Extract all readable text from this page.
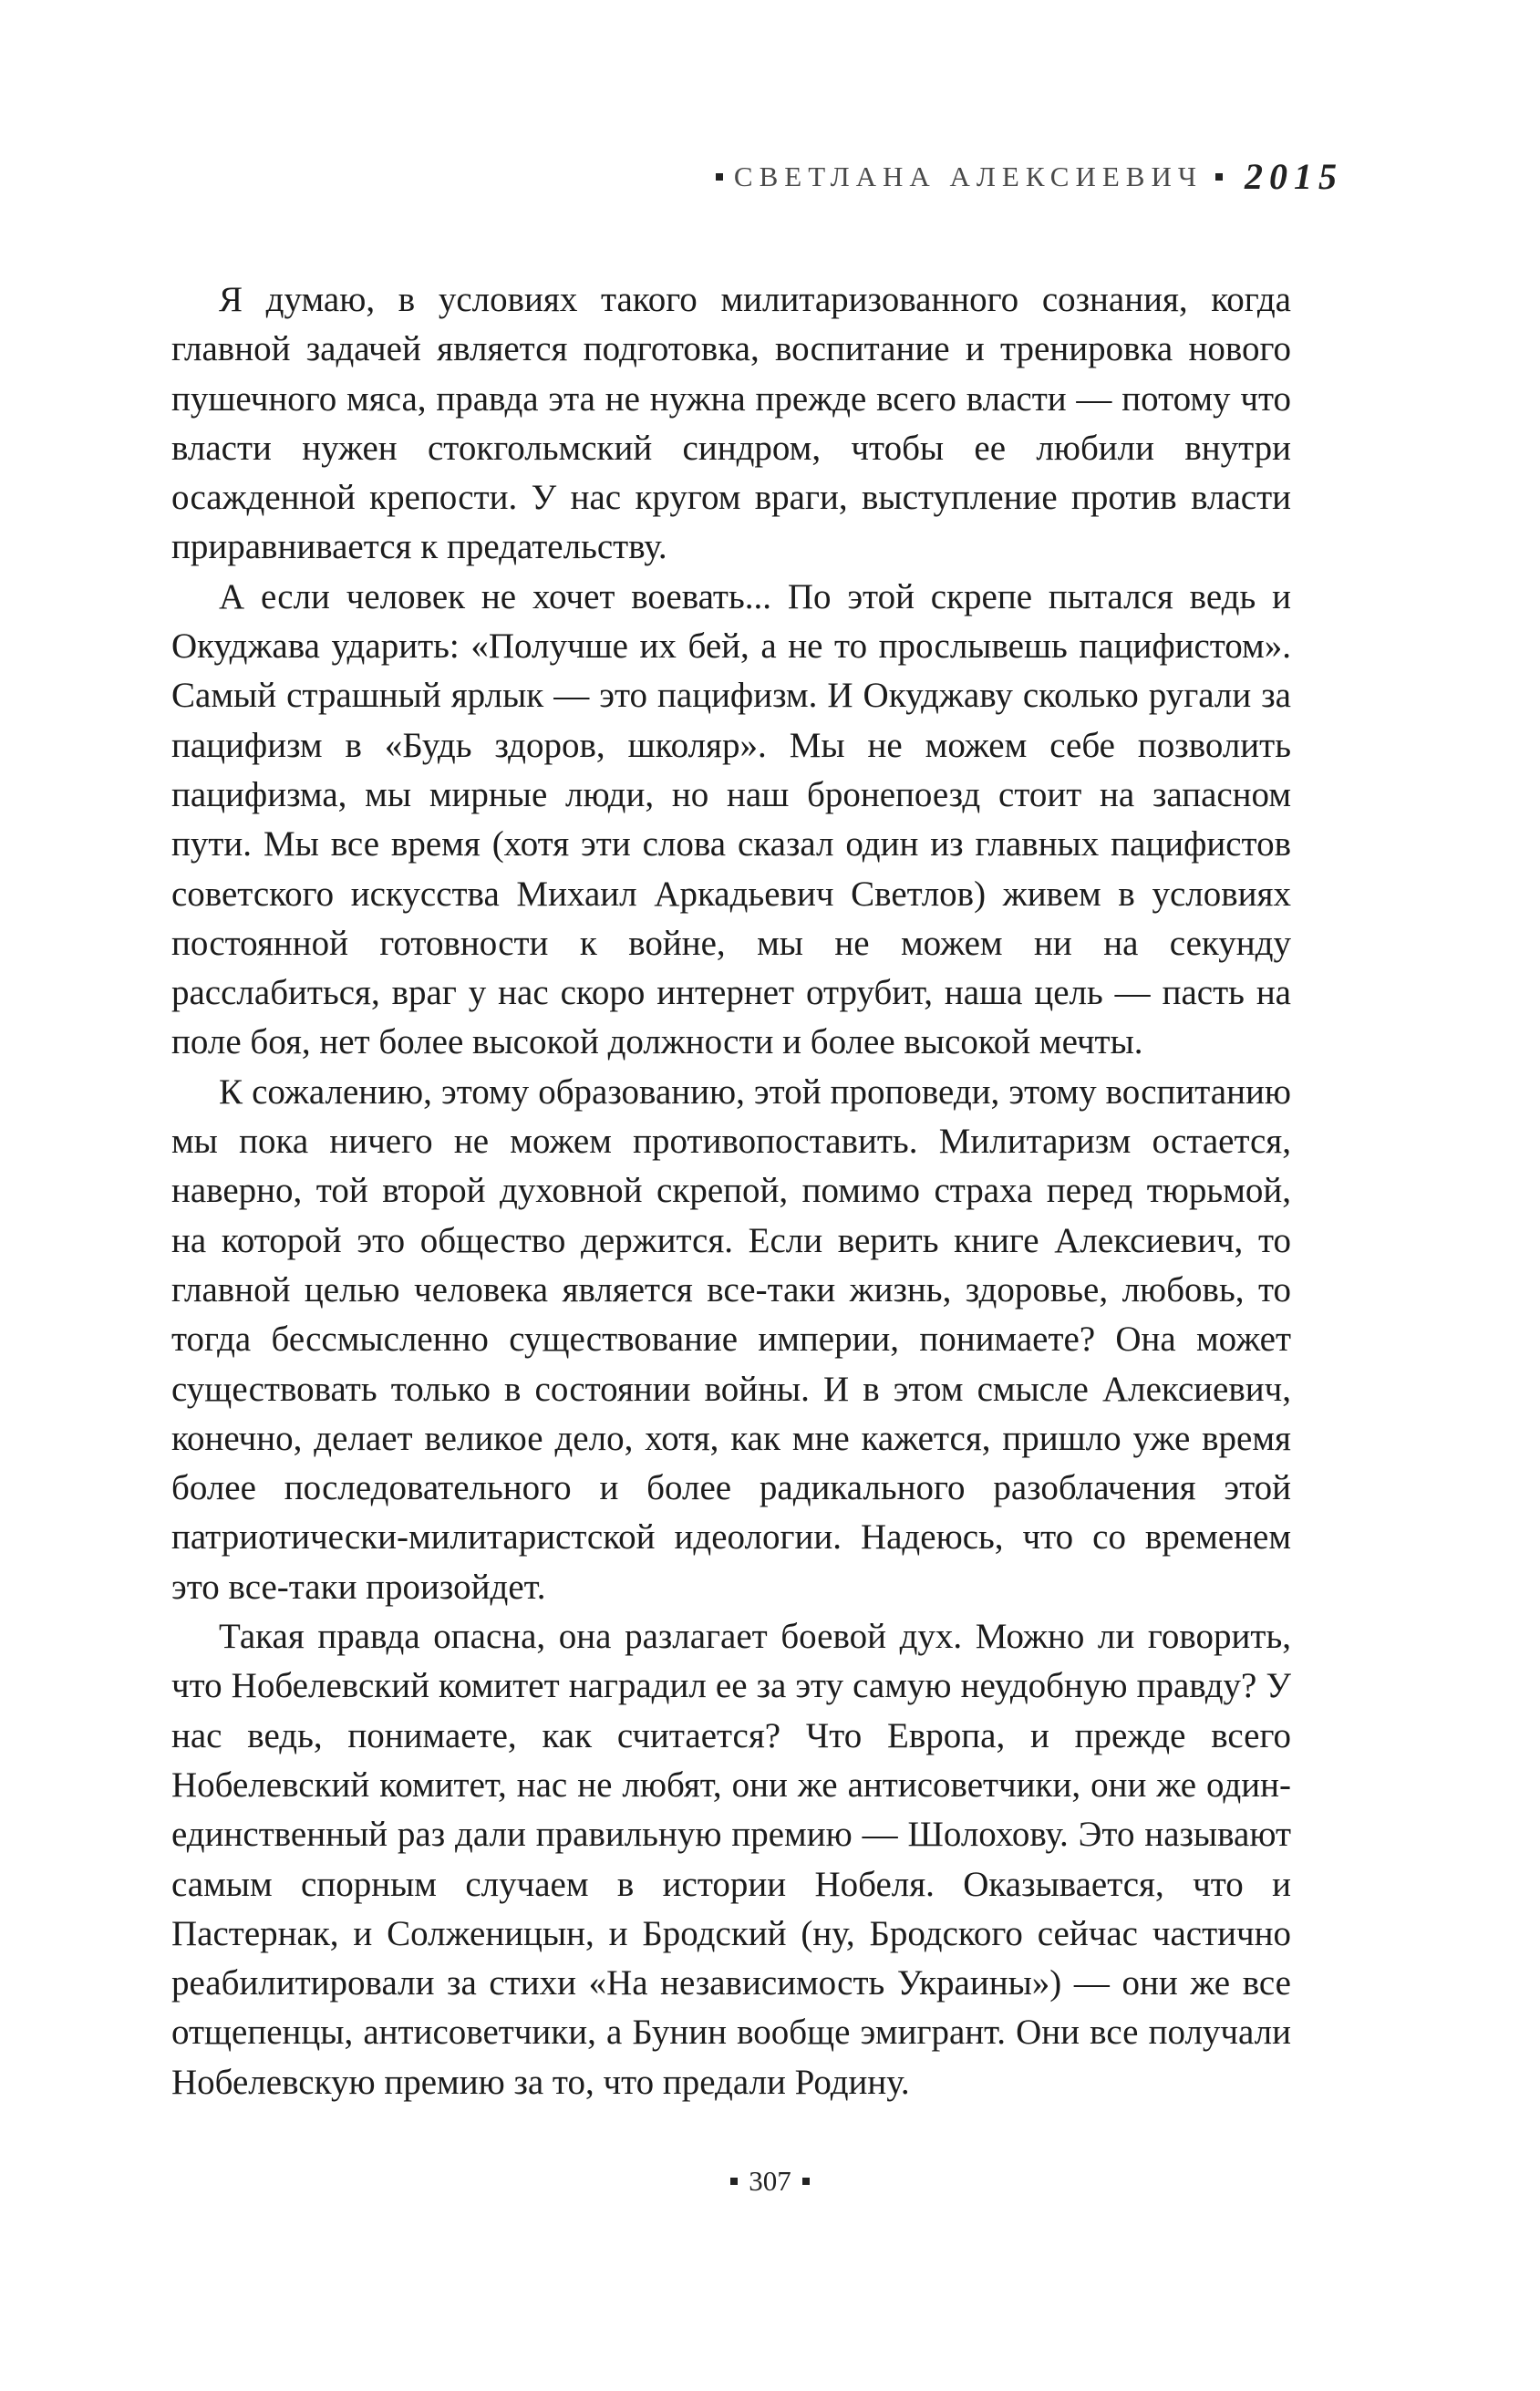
СВЕТЛАНА АЛЕКСИЕВИЧ 2015

Я думаю, в условиях такого милитаризованного сознания, когда главной задачей является подготовка, воспитание и тренировка нового пушечного мяса, правда эта не нужна прежде всего власти — потому что власти нужен стокгольмский синдром, чтобы ее любили внутри осажденной крепости. У нас кругом враги, выступление против власти приравнивается к предательству.

А если человек не хочет воевать... По этой скрепе пытался ведь и Окуджава ударить: «Получше их бей, а не то прослывешь пацифистом». Самый страшный ярлык — это пацифизм. И Окуджаву сколько ругали за пацифизм в «Будь здоров, школяр». Мы не можем себе позволить пацифизма, мы мирные люди, но наш бронепоезд стоит на запасном пути. Мы все время (хотя эти слова сказал один из главных пацифистов советского искусства Михаил Аркадьевич Светлов) живем в условиях постоянной готовности к войне, мы не можем ни на секунду расслабиться, враг у нас скоро интернет отрубит, наша цель — пасть на поле боя, нет более высокой должности и более высокой мечты.

К сожалению, этому образованию, этой проповеди, этому воспитанию мы пока ничего не можем противопоставить. Милитаризм остается, наверно, той второй духовной скрепой, помимо страха перед тюрьмой, на которой это общество держится. Если верить книге Алексиевич, то главной целью человека является все-таки жизнь, здоровье, любовь, то тогда бессмысленно существование империи, понимаете? Она может существовать только в состоянии войны. И в этом смысле Алексиевич, конечно, делает великое дело, хотя, как мне кажется, пришло уже время более последовательного и более радикального разоблачения этой патриотически-милитаристской идеологии. Надеюсь, что со временем это все-таки произойдет.

Такая правда опасна, она разлагает боевой дух. Можно ли говорить, что Нобелевский комитет наградил ее за эту самую неудобную правду? У нас ведь, понимаете, как считается? Что Европа, и прежде всего Нобелевский комитет, нас не любят, они же антисоветчики, они же один-единственный раз дали правильную премию — Шолохову. Это называют самым спорным случаем в истории Нобеля. Оказывается, что и Пастернак, и Солженицын, и Бродский (ну, Бродского сейчас частично реабилитировали за стихи «На независимость Украины») — они же все отщепенцы, антисоветчики, а Бунин вообще эмигрант. Они все получали Нобелевскую премию за то, что предали Родину.

307
